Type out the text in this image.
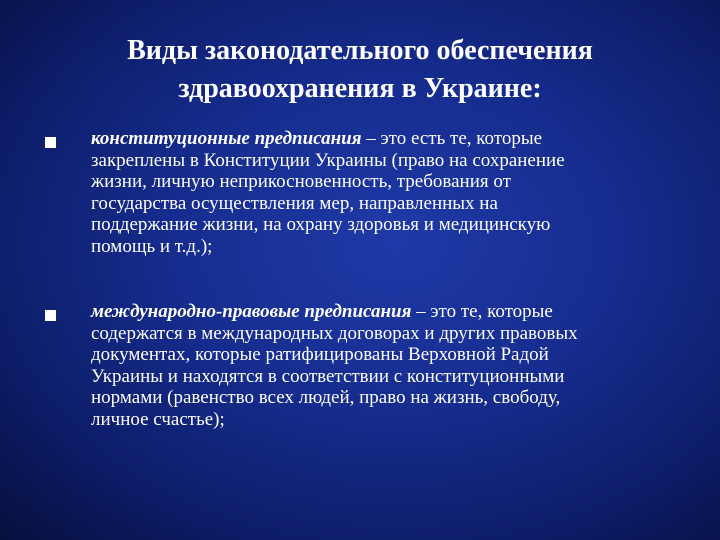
Виды законодательного обеспечения
здравоохранения в Украине:
конституционные предписания – это есть те, которые
закреплены в Конституции Украины (право на сохранение
жизни, личную неприкосновенность, требования от
государства осуществления мер, направленных на
поддержание жизни, на охрану здоровья и медицинскую
помощь и т.д.);
международно-правовые предписания – это те, которые
содержатся в международных договорах и других правовых
документах, которые ратифицированы Верховной Радой
Украины и находятся в соответствии с конституционными
нормами (равенство всех людей, право на жизнь, свободу,
личное счастье);
